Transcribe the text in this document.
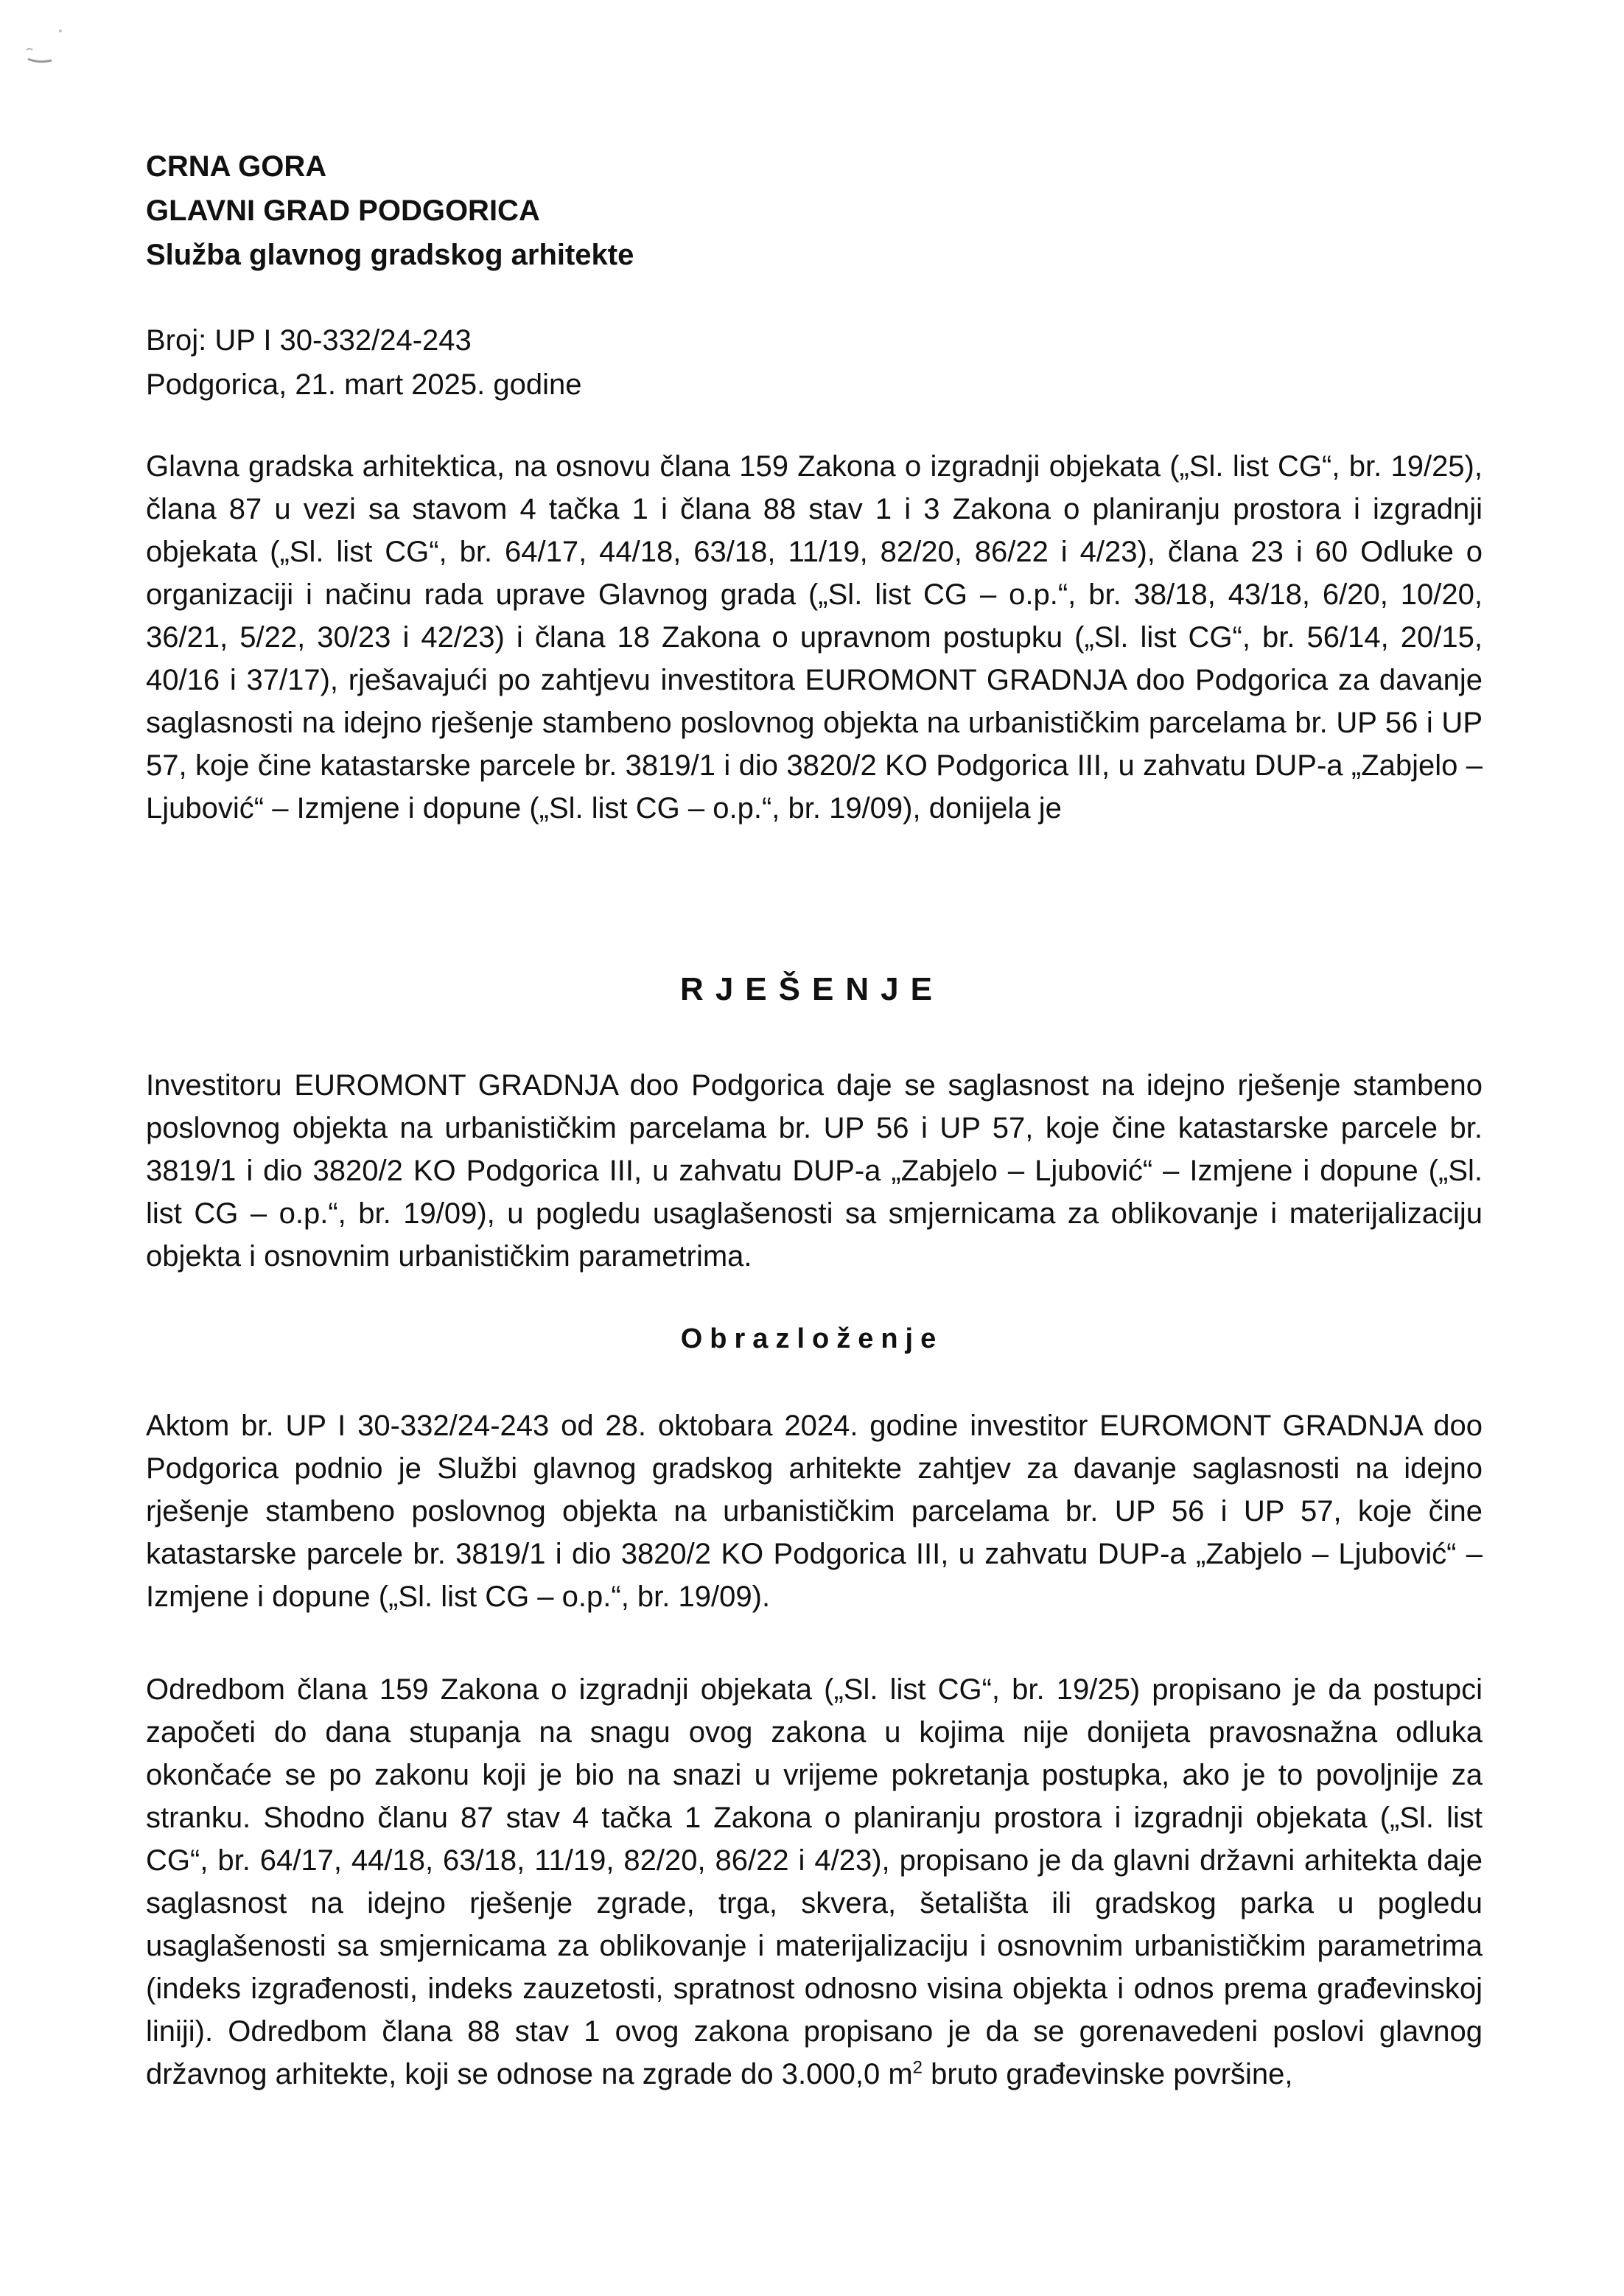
CRNA GORA
GLAVNI GRAD PODGORICA
Služba glavnog gradskog arhitekte
Broj: UP I 30-332/24-243
Podgorica, 21. mart 2025. godine
Glavna gradska arhitektica, na osnovu člana 159 Zakona o izgradnji objekata („Sl. list CG“, br. 19/25), člana 87 u vezi sa stavom 4 tačka 1 i člana 88 stav 1 i 3 Zakona o planiranju prostora i izgradnji objekata („Sl. list CG“, br. 64/17, 44/18, 63/18, 11/19, 82/20, 86/22 i 4/23), člana 23 i 60 Odluke o organizaciji i načinu rada uprave Glavnog grada („Sl. list CG – o.p.“, br. 38/18, 43/18, 6/20, 10/20, 36/21, 5/22, 30/23 i 42/23) i člana 18 Zakona o upravnom postupku („Sl. list CG“, br. 56/14, 20/15, 40/16 i 37/17), rješavajući po zahtjevu investitora EUROMONT GRADNJA doo Podgorica za davanje saglasnosti na idejno rješenje stambeno poslovnog objekta na urbanističkim parcelama br. UP 56 i UP 57, koje čine katastarske parcele br. 3819/1 i dio 3820/2 KO Podgorica III, u zahvatu DUP-a „Zabjelo – Ljubović“ – Izmjene i dopune („Sl. list CG – o.p.“, br. 19/09), donijela je
RJEŠENJE
Investitoru EUROMONT GRADNJA doo Podgorica daje se saglasnost na idejno rješenje stambeno poslovnog objekta na urbanističkim parcelama br. UP 56 i UP 57, koje čine katastarske parcele br. 3819/1 i dio 3820/2 KO Podgorica III, u zahvatu DUP-a „Zabjelo – Ljubović“ – Izmjene i dopune („Sl. list CG – o.p.“, br. 19/09), u pogledu usaglašenosti sa smjernicama za oblikovanje i materijalizaciju objekta i osnovnim urbanističkim parametrima.
Obrazloženje
Aktom br. UP I 30-332/24-243 od 28. oktobara 2024. godine investitor EUROMONT GRADNJA doo Podgorica podnio je Službi glavnog gradskog arhitekte zahtjev za davanje saglasnosti na idejno rješenje stambeno poslovnog objekta na urbanističkim parcelama br. UP 56 i UP 57, koje čine katastarske parcele br. 3819/1 i dio 3820/2 KO Podgorica III, u zahvatu DUP-a „Zabjelo – Ljubović“ – Izmjene i dopune („Sl. list CG – o.p.“, br. 19/09).
Odredbom člana 159 Zakona o izgradnji objekata („Sl. list CG“, br. 19/25) propisano je da postupci započeti do dana stupanja na snagu ovog zakona u kojima nije donijeta pravosnažna odluka okončaće se po zakonu koji je bio na snazi u vrijeme pokretanja postupka, ako je to povoljnije za stranku. Shodno članu 87 stav 4 tačka 1 Zakona o planiranju prostora i izgradnji objekata („Sl. list CG“, br. 64/17, 44/18, 63/18, 11/19, 82/20, 86/22 i 4/23), propisano je da glavni državni arhitekta daje saglasnost na idejno rješenje zgrade, trga, skvera, šetališta ili gradskog parka u pogledu usaglašenosti sa smjernicama za oblikovanje i materijalizaciju i osnovnim urbanističkim parametrima (indeks izgrađenosti, indeks zauzetosti, spratnost odnosno visina objekta i odnos prema građevinskoj liniji). Odredbom člana 88 stav 1 ovog zakona propisano je da se gorenavedeni poslovi glavnog državnog arhitekte, koji se odnose na zgrade do 3.000,0 $m^2$ bruto građevinske površine,
